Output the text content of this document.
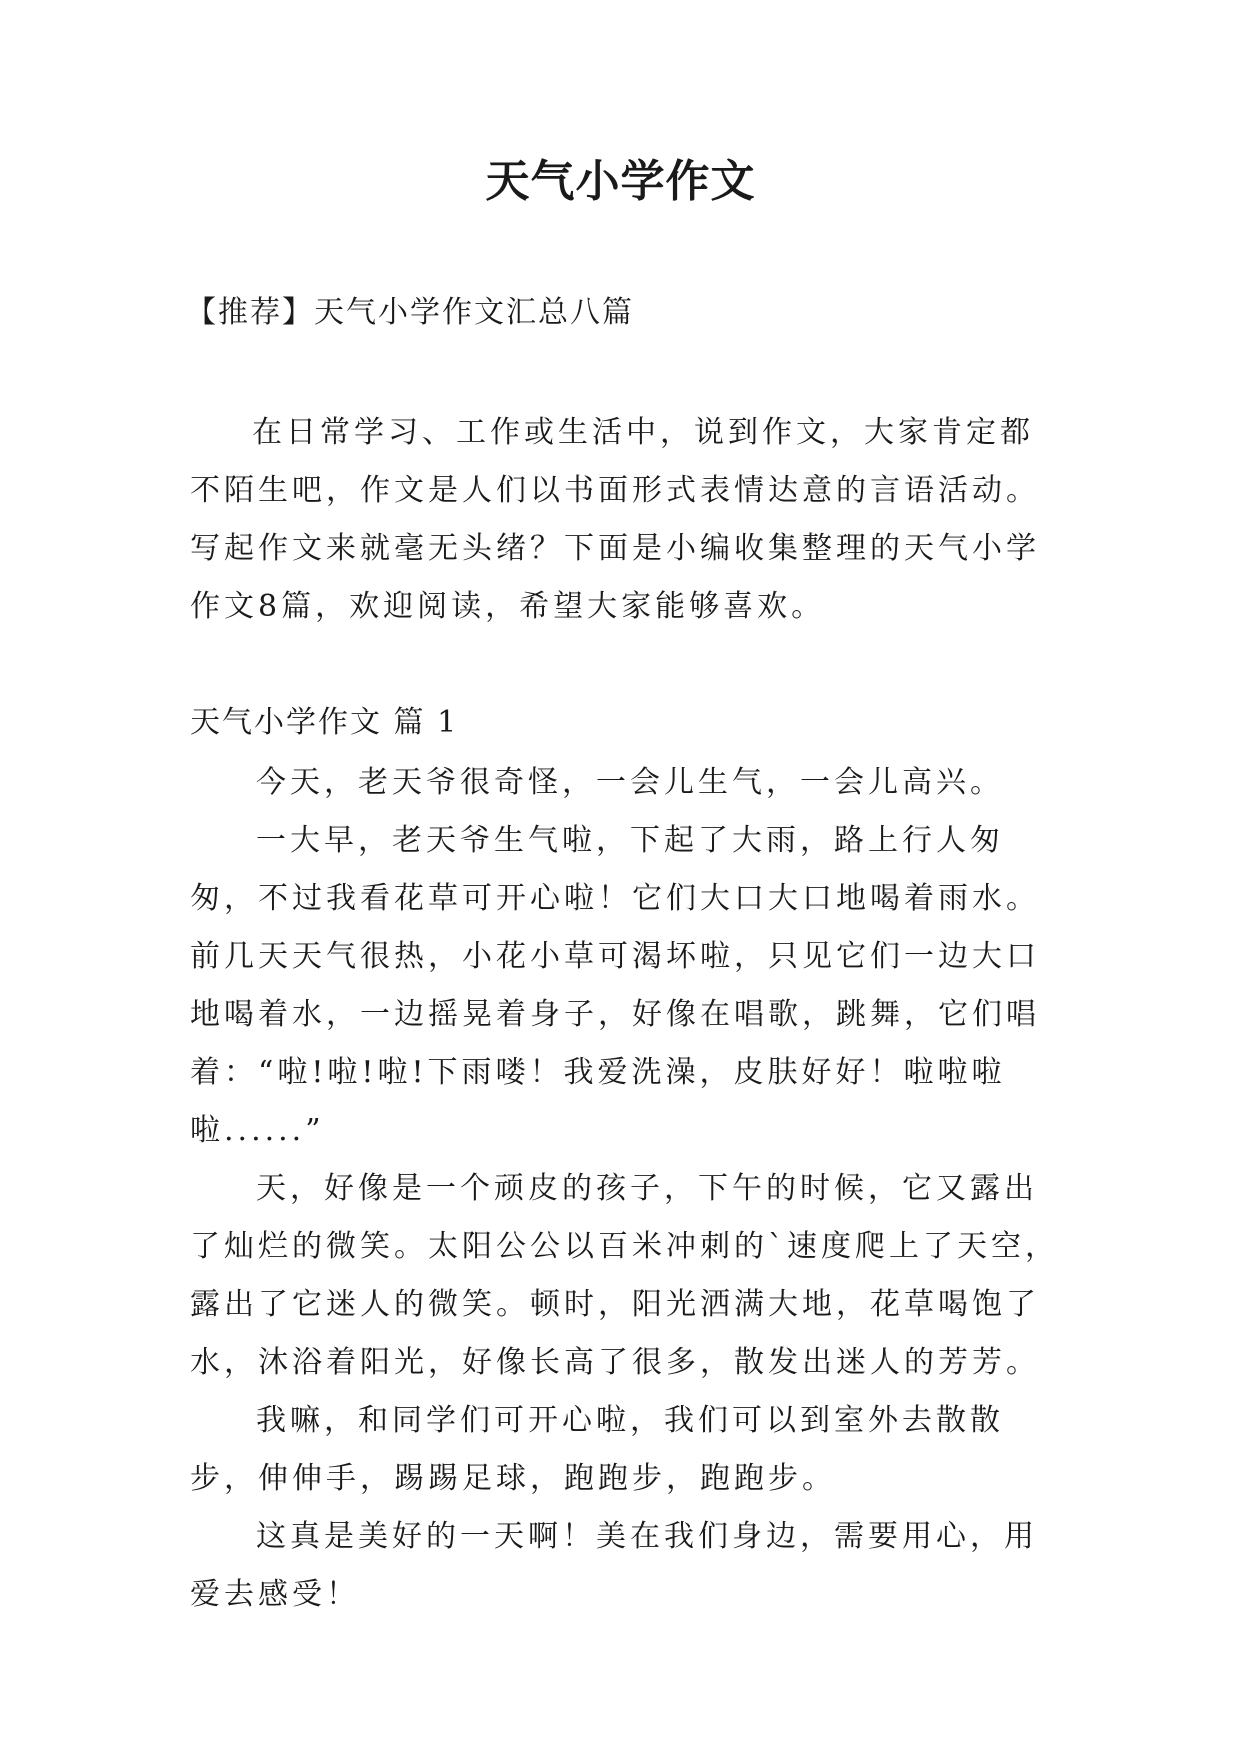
天气小学作文
【推荐】天气小学作文汇总八篇

在日常学习、工作或生活中，说到作文，大家肯定都不陌生吧，作文是人们以书面形式表情达意的言语活动。写起作文来就毫无头绪？下面是小编收集整理的天气小学作文8篇，欢迎阅读，希望大家能够喜欢。

天气小学作文 篇 1

今天，老天爷很奇怪，一会儿生气，一会儿高兴。

一大早，老天爷生气啦，下起了大雨，路上行人匆匆，不过我看花草可开心啦！它们大口大口地喝着雨水。前几天天气很热，小花小草可渴坏啦，只见它们一边大口地喝着水，一边摇晃着身子，好像在唱歌，跳舞，它们唱着：“啦!啦!啦!下雨喽！我爱洗澡，皮肤好好！啦啦啦啦......”

天，好像是一个顽皮的孩子，下午的时候，它又露出了灿烂的微笑。太阳公公以百米冲刺的`速度爬上了天空，露出了它迷人的微笑。顿时，阳光洒满大地，花草喝饱了水，沐浴着阳光，好像长高了很多，散发出迷人的芳芳。

我嘛，和同学们可开心啦，我们可以到室外去散散步，伸伸手，踢踢足球，跑跑步，跑跑步。

这真是美好的一天啊！美在我们身边，需要用心，用爱去感受！
